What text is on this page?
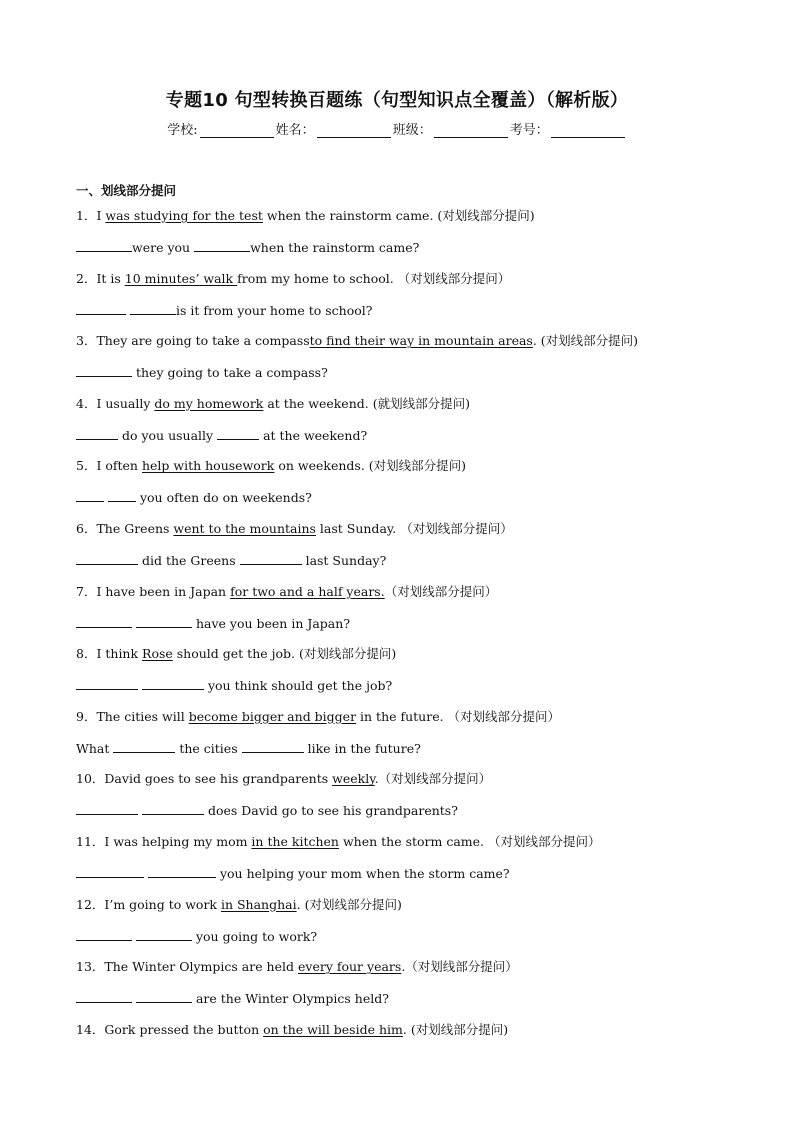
专题10 句型转换百题练（句型知识点全覆盖）（解析版）
学校:	姓名：	班级：	考号：
一、划线部分提问
1．I was studying for the test when the rainstorm came. (对划线部分提问)
were you	when the rainstorm came?
2．It is 10 minutes’ walk from my home to school. （对划线部分提问）
is it from your home to school?
3．They are going to take a compassto find their way in mountain areas. (对划线部分提问)
they going to take a compass?
4．I usually do my homework at the weekend. (就划线部分提问)
do you usually	at the weekend?
5．I often help with housework on weekends. (对划线部分提问)
you often do on weekends?
6．The Greens went to the mountains last Sunday. （对划线部分提问）
did the Greens	last Sunday?
7．I have been in Japan for two and a half years.（对划线部分提问）
have you been in Japan?
8．I think Rose should get the job. (对划线部分提问)
you think should get the job?
9．The cities will become bigger and bigger in the future. （对划线部分提问）
What	the cities	like in the future?
10．David goes to see his grandparents weekly.（对划线部分提问）
does David go to see his grandparents?
11．I was helping my mom in the kitchen when the storm came. （对划线部分提问）
you helping your mom when the storm came?
12．I’m going to work in Shanghai. (对划线部分提问)
you going to work?
13．The Winter Olympics are held every four years.（对划线部分提问）
are the Winter Olympics held?
14．Gork pressed the button on the will beside him. (对划线部分提问)
